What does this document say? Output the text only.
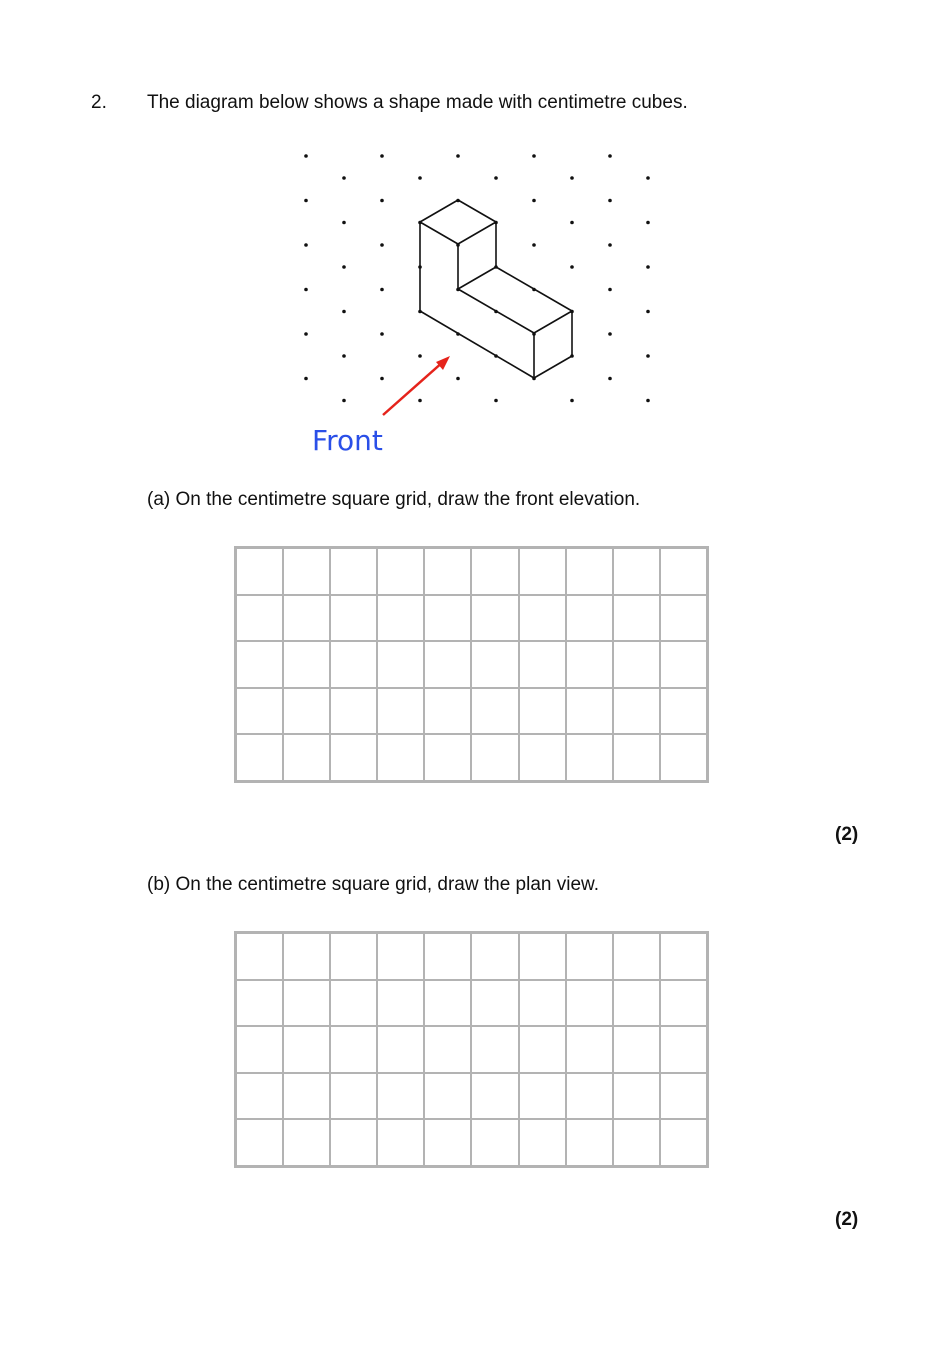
2. The diagram below shows a shape made with centimetre cubes.
Front
(a) On the centimetre square grid, draw the front elevation.
(2)
(b) On the centimetre square grid, draw the plan view.
(2)
